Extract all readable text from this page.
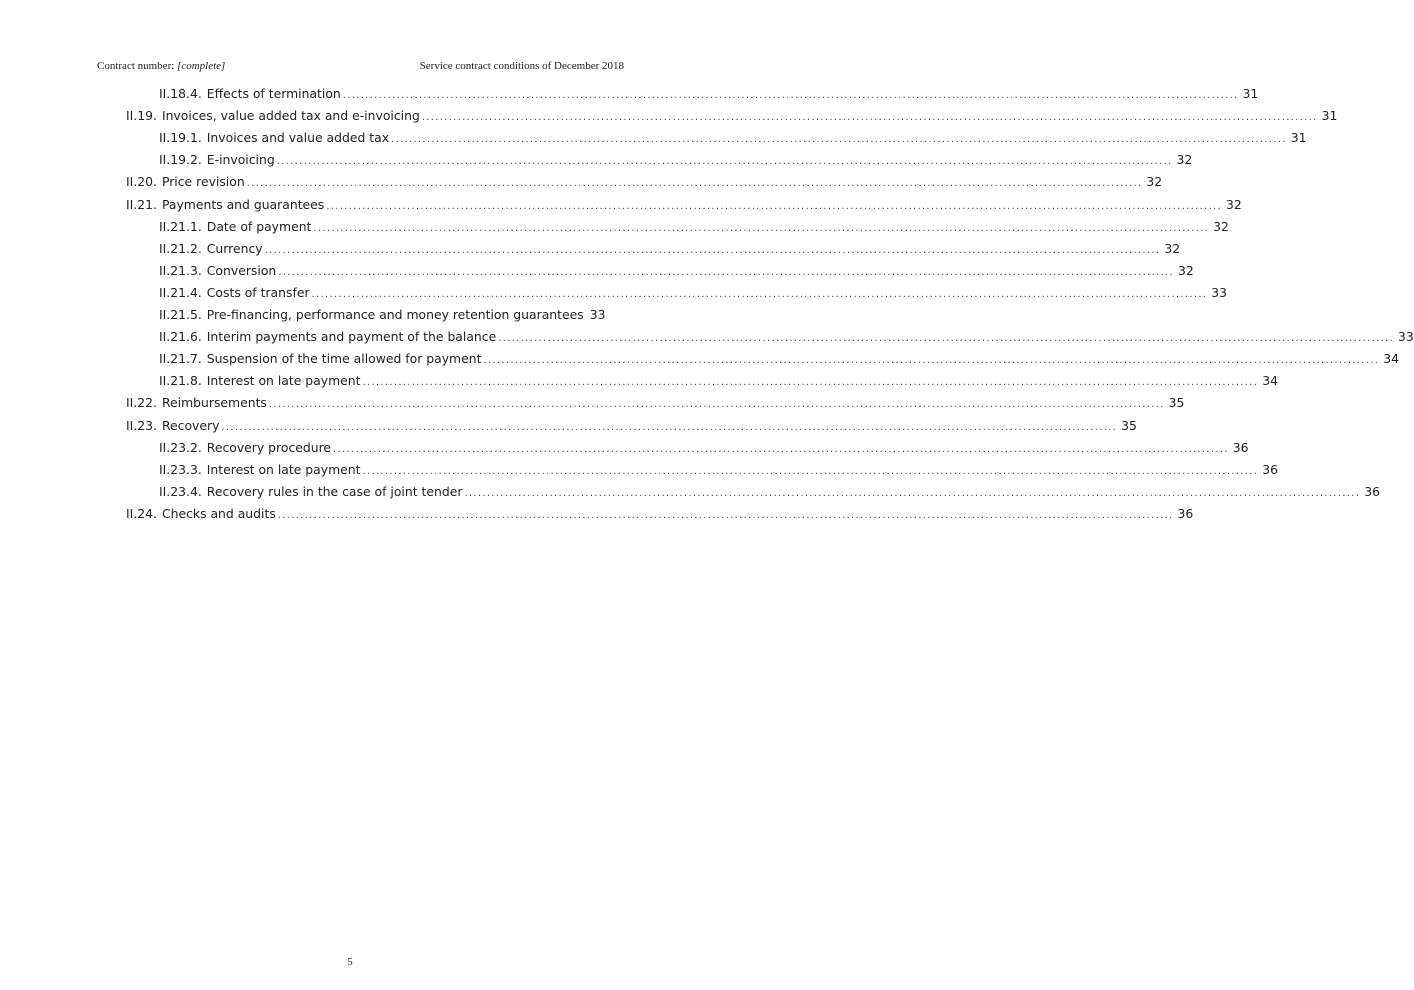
Contract number: [complete]	Service contract conditions of December 2018
II.18.4. Effects of termination .....	31
II.19. Invoices, value added tax and e-invoicing .....	31
II.19.1. Invoices and value added tax .....	31
II.19.2. E-invoicing .....	32
II.20. Price revision .....	32
II.21. Payments and guarantees .....	32
II.21.1. Date of payment .....	32
II.21.2. Currency .....	32
II.21.3. Conversion .....	32
II.21.4. Costs of transfer .....	33
II.21.5. Pre-financing, performance and money retention guarantees 33
II.21.6. Interim payments and payment of the balance .....	33
II.21.7. Suspension of the time allowed for payment .....	34
II.21.8. Interest on late payment .....	34
II.22. Reimbursements .....	35
II.23. Recovery .....	35
II.23.2. Recovery procedure .....	36
II.23.3. Interest on late payment .....	36
II.23.4. Recovery rules in the case of joint tender .....	36
II.24. Checks and audits .....	36
5
